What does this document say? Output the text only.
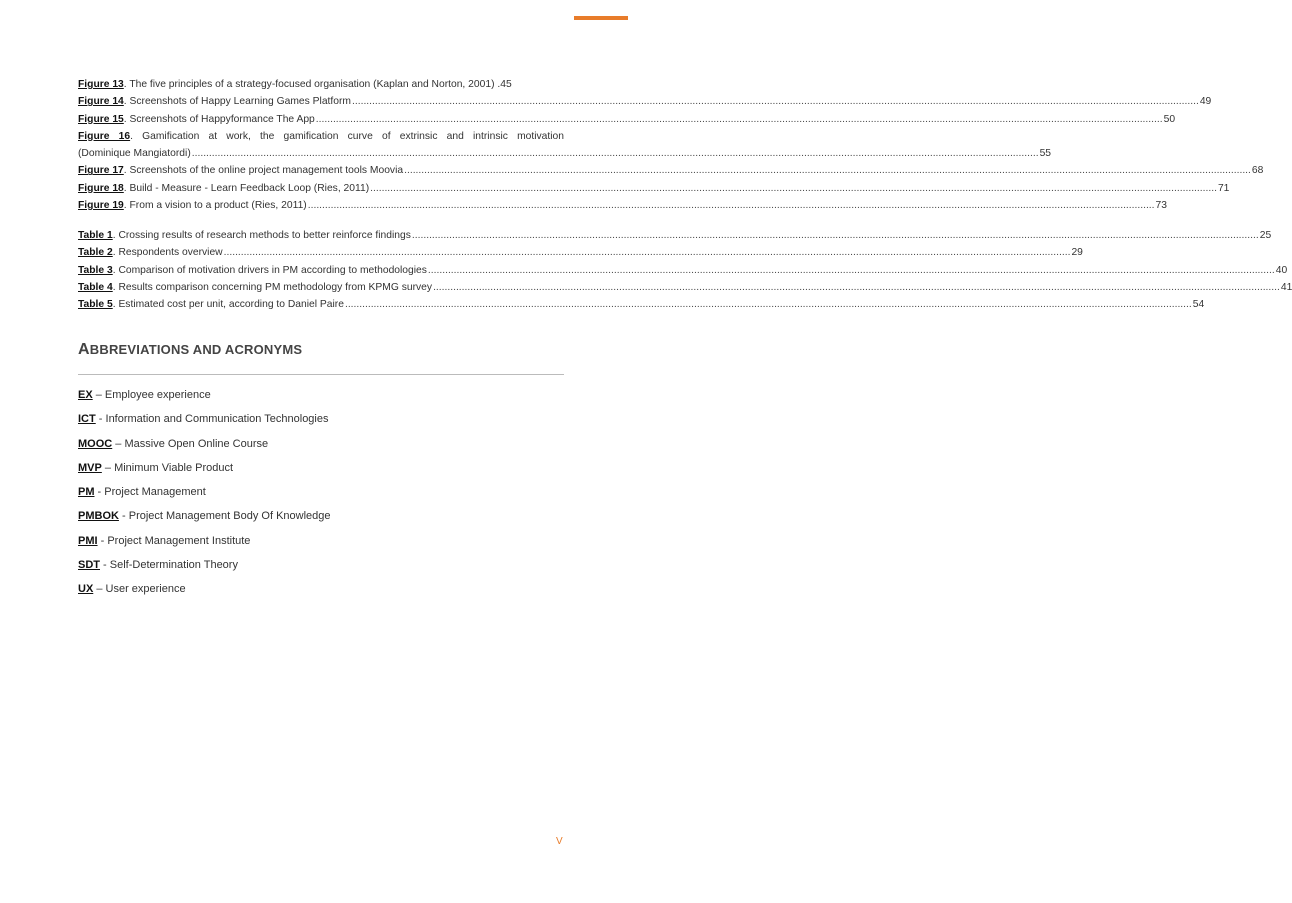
Figure 13. The five principles of a strategy-focused organisation (Kaplan and Norton, 2001) . 45
Figure 14. Screenshots of Happy Learning Games Platform .....	49
Figure 15. Screenshots of Happyformance The App .....	50
Figure 16. Gamification at work, the gamification curve of extrinsic and intrinsic motivation
(Dominique Mangiatordi) .....	55
Figure 17. Screenshots of the online project management tools Moovia .....	68
Figure 18. Build - Measure - Learn Feedback Loop (Ries, 2011) .....	71
Figure 19. From a vision to a product (Ries, 2011) .....	73
Table 1. Crossing results of research methods to better reinforce findings .....	25
Table 2. Respondents overview .....	29
Table 3. Comparison of motivation drivers in PM according to methodologies .....	40
Table 4. Results comparison concerning PM methodology from KPMG survey .....	41
Table 5. Estimated cost per unit, according to Daniel Paire .....	54
ABBREVIATIONS AND ACRONYMS
EX – Employee experience
ICT - Information and Communication Technologies
MOOC – Massive Open Online Course
MVP – Minimum Viable Product
PM - Project Management
PMBOK - Project Management Body Of Knowledge
PMI - Project Management Institute
SDT - Self-Determination Theory
UX – User experience
V
